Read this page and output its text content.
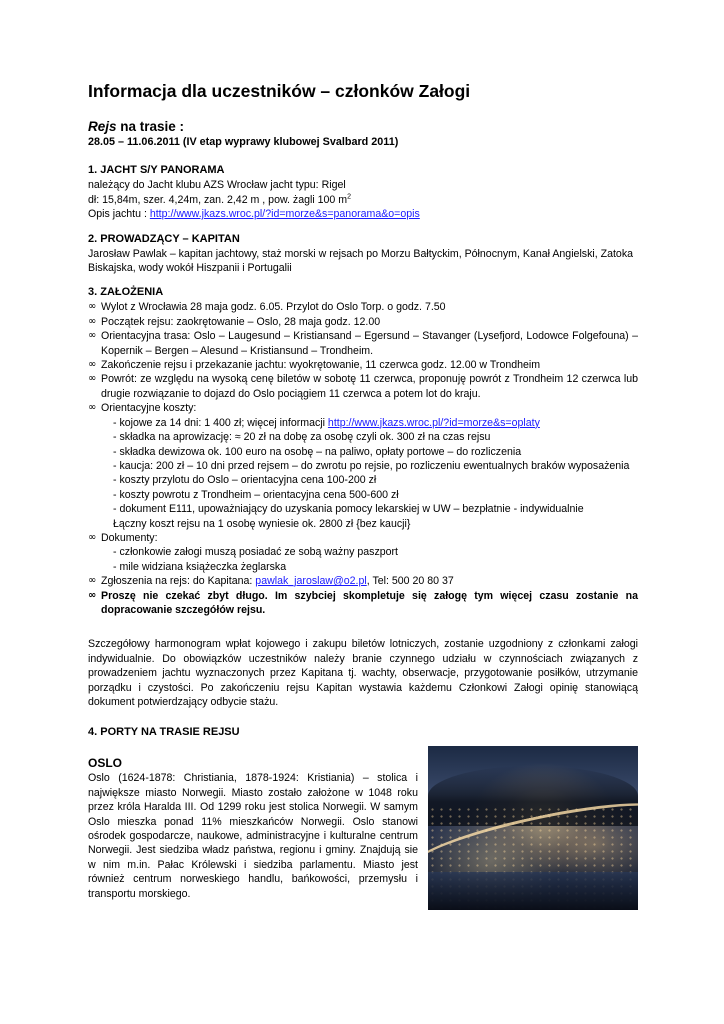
Informacja dla uczestników – członków Załogi

Rejs na trasie :

28.05 – 11.06.2011 (IV etap wyprawy klubowej Svalbard 2011)

1. JACHT S/Y PANORAMA

należący do Jacht klubu AZS Wrocław jacht typu: Rigel

dł: 15,84m, szer. 4,24m, zan. 2,42 m , pow. żagli 100 $m^2$

Opis jachtu : http://www.jkazs.wroc.pl/?id=morze&s=panorama&o=opis

2. PROWADZĄCY – KAPITAN

Jarosław Pawlak – kapitan jachtowy, staż morski w rejsach po Morzu Bałtyckim, Północnym, Kanał Angielski, Zatoka Biskajska, wody wokół Hiszpanii i Portugalii

3. ZAŁOŻENIA
∞ Wylot z Wrocławia 28 maja godz. 6.05. Przylot do Oslo Torp. o godz. 7.50
∞ Początek rejsu: zaokrętowanie – Oslo, 28 maja godz. 12.00
∞ Orientacyjna trasa: Oslo – Laugesund – Kristiansand – Egersund – Stavanger (Lysefjord, Lodowce Folgefouna) – Kopernik – Bergen – Alesund – Kristiansund – Trondheim.
∞ Zakończenie rejsu i przekazanie jachtu: wyokrętowanie, 11 czerwca godz. 12.00 w Trondheim
∞ Powrót: ze względu na wysoką cenę biletów w sobotę 11 czerwca, proponuję powrót z Trondheim 12 czerwca lub drugie rozwiązanie to dojazd do Oslo pociągiem 11 czerwca a potem lot do kraju.
∞ Orientacyjne koszty:
- kojowe za 14 dni: 1 400 zł; więcej informacji http://www.jkazs.wroc.pl/?id=morze&s=oplaty
- składka na aprowizację: ≈ 20 zł na dobę za osobę czyli ok. 300 zł na czas rejsu
- składka dewizowa ok. 100 euro na osobę – na paliwo, opłaty portowe – do rozliczenia
- kaucja: 200 zł – 10 dni przed rejsem – do zwrotu po rejsie, po rozliczeniu ewentualnych braków wyposażenia
- koszty przylotu do Oslo – orientacyjna cena 100-200 zł
- koszty powrotu z Trondheim – orientacyjna cena 500-600 zł
- dokument E111, upoważniający do uzyskania pomocy lekarskiej w UW – bezpłatnie - indywidualnie
Łączny koszt rejsu na 1 osobę wyniesie ok. 2800 zł {bez kaucji}
∞ Dokumenty:
- członkowie załogi muszą posiadać ze sobą ważny paszport
- mile widziana książeczka żeglarska
∞ Zgłoszenia na rejs: do Kapitana: pawlak_jaroslaw@o2.pl, Tel: 500 20 80 37
∞ Proszę nie czekać zbyt długo. Im szybciej skompletuje się załogę tym więcej czasu zostanie na dopracowanie szczegółów rejsu.

Szczegółowy harmonogram wpłat kojowego i zakupu biletów lotniczych, zostanie uzgodniony z członkami załogi indywidualnie. Do obowiązków uczestników należy branie czynnego udziału w czynnościach związanych z prowadzeniem jachtu wyznaczonych przez Kapitana tj. wachty, obserwacje, przygotowanie posiłków, utrzymanie porządku i czystości. Po zakończeniu rejsu Kapitan wystawia każdemu Członkowi Załogi opinię stanowiącą dokument potwierdzający odbycie stażu.

4. PORTY NA TRASIE REJSU
OSLO

Oslo (1624-1878: Christiania, 1878-1924: Kristiania) – stolica i największe miasto Norwegii. Miasto zostało założone w 1048 roku przez króla Haralda III. Od 1299 roku jest stolica Norwegii. W samym Oslo mieszka ponad 11% mieszkańców Norwegii. Oslo stanowi ośrodek gospodarcze, naukowe, administracyjne i kulturalne centrum Norwegii. Jest siedziba władz państwa, regionu i gminy. Znajdują sie w nim m.in. Pałac Królewski i siedziba parlamentu. Miasto jest również centrum norweskiego handlu, bańkowości, przemysłu i transportu morskiego.
